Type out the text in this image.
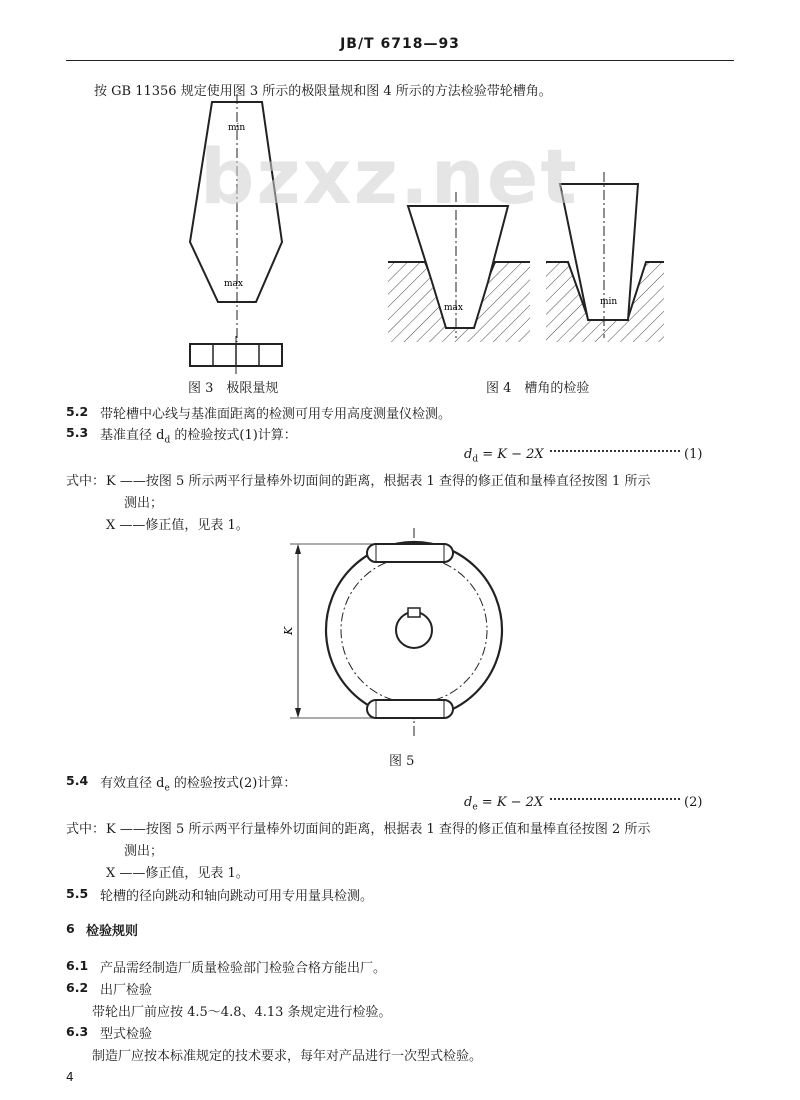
JB/T 6718—93
按 GB 11356 规定使用图 3 所示的极限量规和图 4 所示的方法检验带轮槽角。
min
max
max
min
图 3　极限量规	图 4　槽角的检验
bzxz.net
5.2 带轮槽中心线与基准面距离的检测可用专用高度测量仪检测。
5.3 基准直径 $d_d$ 的检验按式(1)计算：
$d_d = K - 2X$	(1)
式中： K ——按图 5 所示两平行量棒外切面间的距离，根据表 1 查得的修正值和量棒直径按图 1 所示
测出；
X ——修正值，见表 1。
K
图 5
5.4 有效直径 $d_e$ 的检验按式(2)计算：
$d_e = K - 2X$	(2)
式中： K ——按图 5 所示两平行量棒外切面间的距离，根据表 1 查得的修正值和量棒直径按图 2 所示
测出；
X ——修正值，见表 1。
5.5 轮槽的径向跳动和轴向跳动可用专用量具检测。
6 检验规则
6.1 产品需经制造厂质量检验部门检验合格方能出厂。
6.2 出厂检验
带轮出厂前应按 4.5～4.8、4.13 条规定进行检验。
6.3 型式检验
制造厂应按本标准规定的技术要求，每年对产品进行一次型式检验。
4
